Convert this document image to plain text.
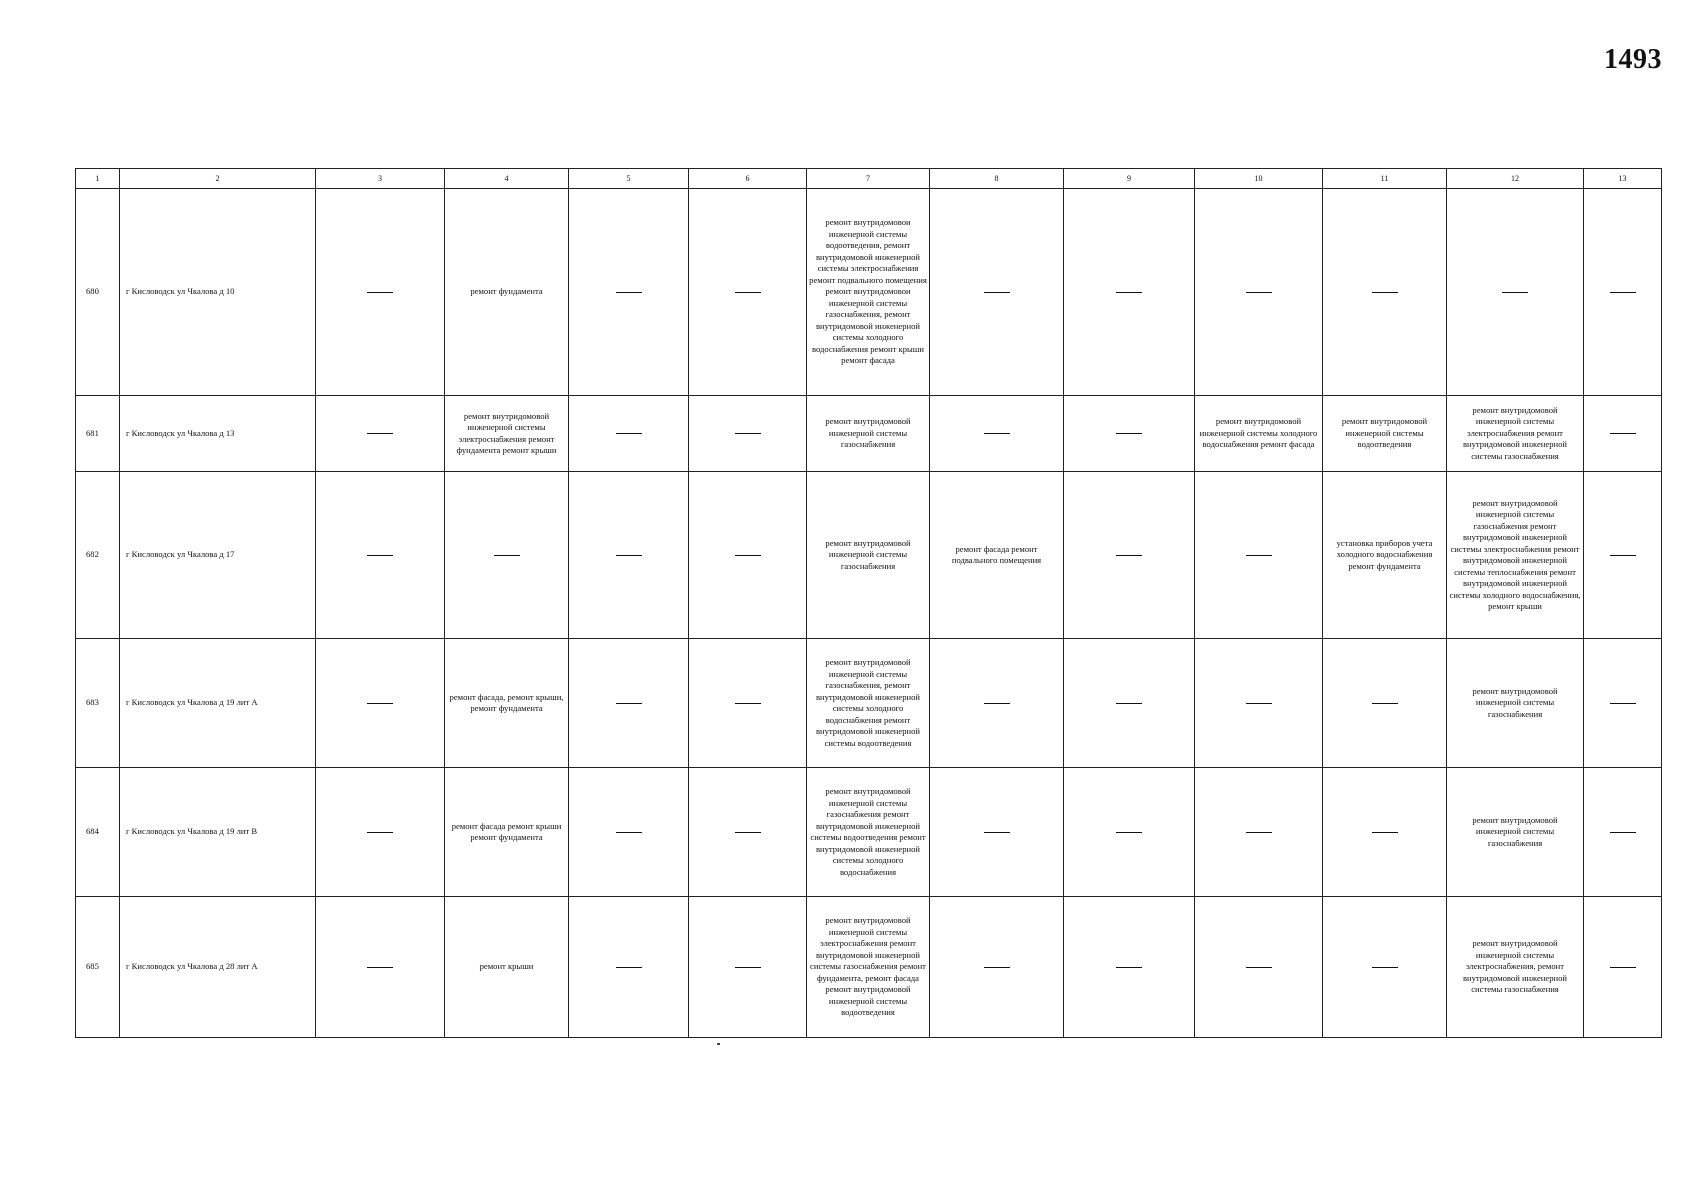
1493
1	2	3	4	5	6	7	8	9	10	11	12	13
680	г Кисловодск ул Чкалова д 10		ремонт фундамента			ремонт внутридомовои инженерной системы водоотведения, ремонт внутридомовой инженерной системы электроснабжения ремонт подвального помещения ремонт внутридомовои инженерной системы газоснабжения, ремонт внутридомовой инженерной системы холодного водоснабжения ремонт крыши ремонт фасада						
681	г Кисловодск ул Чкалова д 13		ремонт внутридомовой инженерной системы электроснабжения ремонт фундамента ремонт крыши			ремонт внутридомовой инженерной системы газоснабжения			ремонт внутридомовой инженерной системы холодного водоснабжения ремонт фасада	ремонт внутридомовой инженерной системы водоотведения	ремонт внутридомовой инженерной системы электроснабжения ремонт внутридомовой инженерной системы газоснабжения	
682	г Кисловодск ул Чкалова д 17					ремонт внутридомовой инженерной системы газоснабжения	ремонт фасада ремонт подвального помещения			установка приборов учета холодного водоснабжения ремонт фундамента	ремонт внутридомовой инженерной системы газоснабжения ремонт внутридомовой инженерной системы электроснабжения ремонт внутридомовой инженерной системы теплоснабжения ремонт внутридомовой инженерной системы холодного водоснабжения, ремонт крыши	
683	г Кисловодск ул Чкалова д 19 лит А		ремонт фасада, ремонт крыши, ремонт фундамента			ремонт внутридомовой инженерной системы газоснабжения, ремонт внутридомовой инженерной системы холодного водоснабжения ремонт внутридомовой инженерной системы водоотведения					ремонт внутридомовой инженерной системы газоснабжения	
684	г Кисловодск ул Чкалова д 19 лит В		ремонт фасада ремонт крыши ремонт фундамента			ремонт внутридомовой инженерной системы газоснабжения ремонт внутридомовой инженерной системы водоотведения ремонт внутридомовой инженерной системы холодного водоснабжения					ремонт внутридомовой инженерной системы газоснабжения	
685	г Кисловодск ул Чкалова д 28 лит А		ремонт крыши			ремонт внутридомовой инженерной системы электроснабжения ремонт внутридомовой инженерной системы газоснабжения ремонт фундамента, ремонт фасада ремонт внутридомовой инженерной системы водоотведения					ремонт внутридомовой инженерной системы электроснабжения, ремонт внутридомовой инженерной системы газоснабжения	
